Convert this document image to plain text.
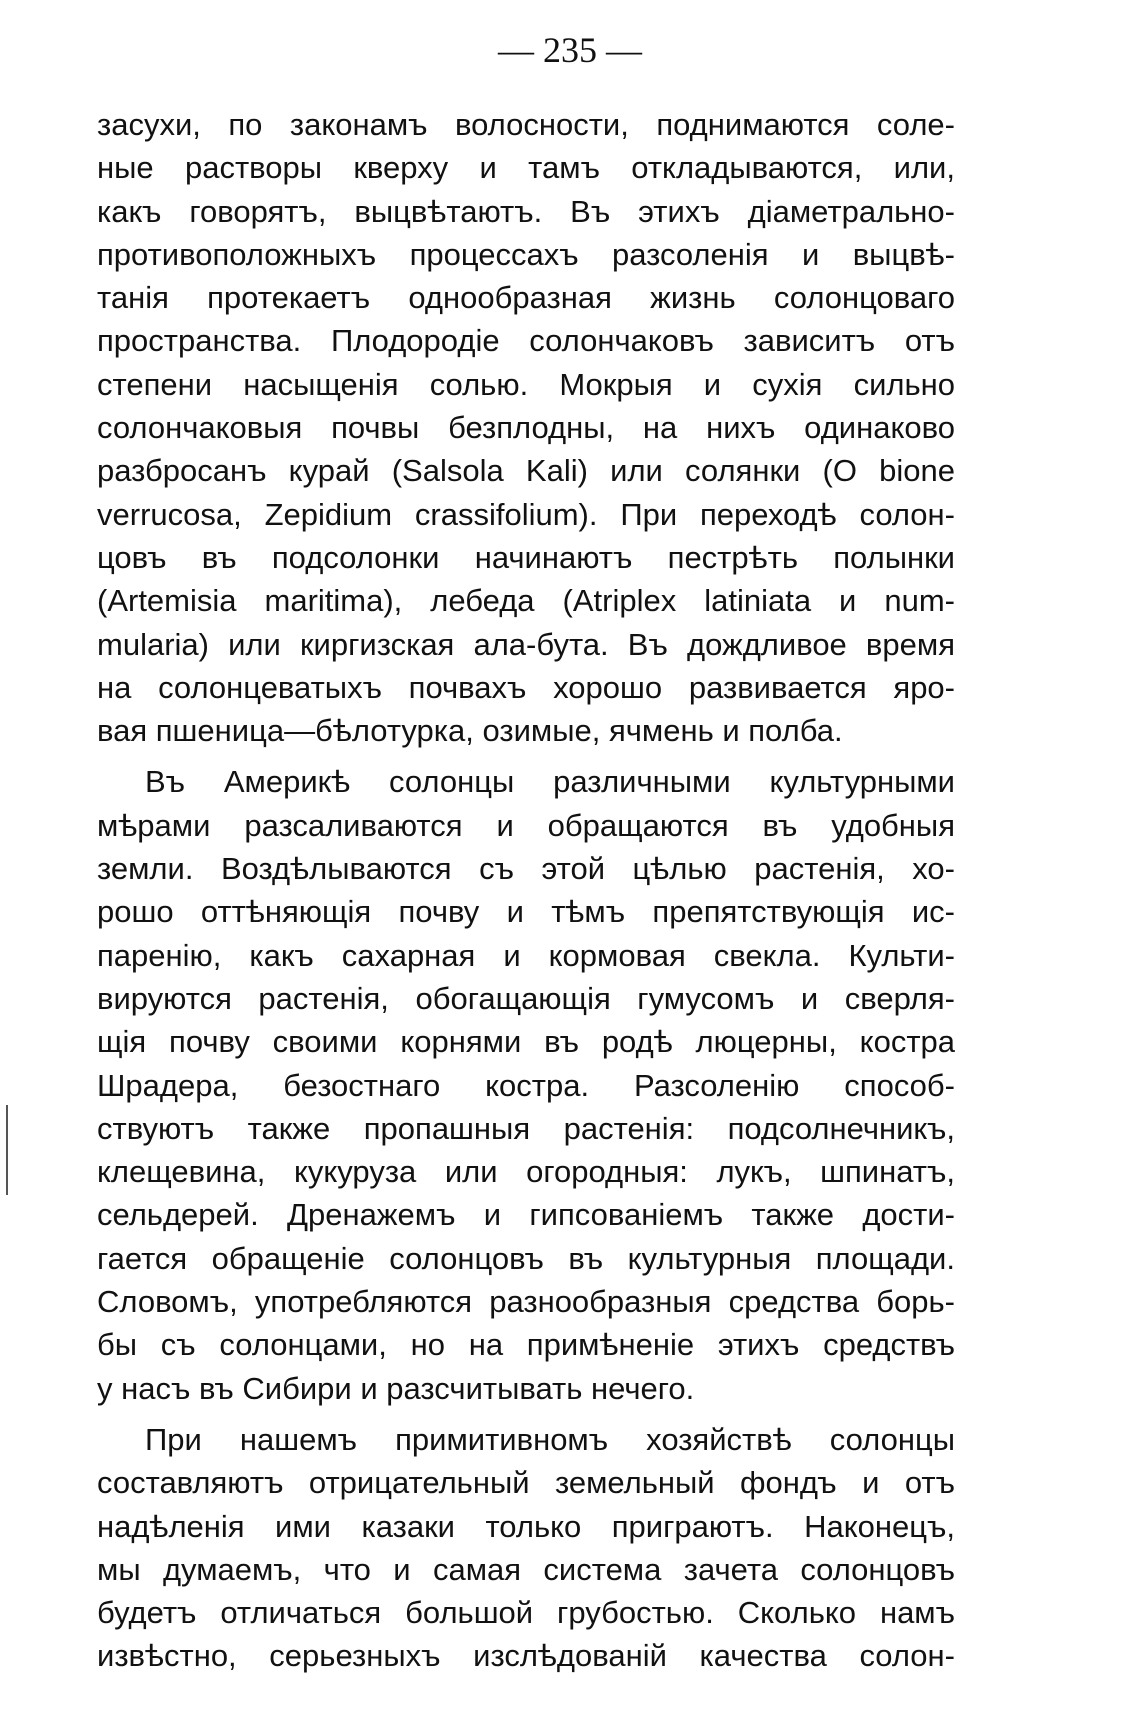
— 235 —
засухи, по законамъ волосности, поднимаются соле-
ные растворы кверху и тамъ откладываются, или,
какъ говорятъ, выцвѣтаютъ. Въ этихъ діаметрально-
противоположныхъ процессахъ разсоленія и выцвѣ-
танія протекаетъ однообразная жизнь солонцоваго
пространства. Плодородіе солончаковъ зависитъ отъ
степени насыщенія солью. Мокрыя и сухія сильно
солончаковыя почвы безплодны, на нихъ одинаково
разбросанъ курай (Salsola Kali) или солянки (O bione
verrucosa, Zepidium crassifolium). При переходѣ солон-
цовъ въ подсолонки начинаютъ пестрѣть полынки
(Artemisia maritima), лебеда (Atriplex latiniata и num-
mularia) или киргизская ала-бута. Въ дождливое время
на солонцеватыхъ почвахъ хорошо развивается яро-
вая пшеница—бѣлотурка, озимые, ячмень и полба.
Въ Америкѣ солонцы различными культурными
мѣрами разсаливаются и обращаются въ удобныя
земли. Воздѣлываются съ этой цѣлью растенія, хо-
рошо оттѣняющія почву и тѣмъ препятствующія ис-
паренію, какъ сахарная и кормовая свекла. Культи-
вируются растенія, обогащающія гумусомъ и сверля-
щія почву своими корнями въ родѣ люцерны, костра
Шрадера, безостнаго костра. Разсоленію способ-
ствуютъ также пропашныя растенія: подсолнечникъ,
клещевина, кукуруза или огородныя: лукъ, шпинатъ,
сельдерей. Дренажемъ и гипсованіемъ также дости-
гается обращеніе солонцовъ въ культурныя площади.
Словомъ, употребляются разнообразныя средства борь-
бы съ солонцами, но на примѣненіе этихъ средствъ
у насъ въ Сибири и разсчитывать нечего.
При нашемъ примитивномъ хозяйствѣ солонцы
составляютъ отрицательный земельный фондъ и отъ
надѣленія ими казаки только приграютъ. Наконецъ,
мы думаемъ, что и самая система зачета солонцовъ
будетъ отличаться большой грубостью. Сколько намъ
извѣстно, серьезныхъ изслѣдованій качества солон-
